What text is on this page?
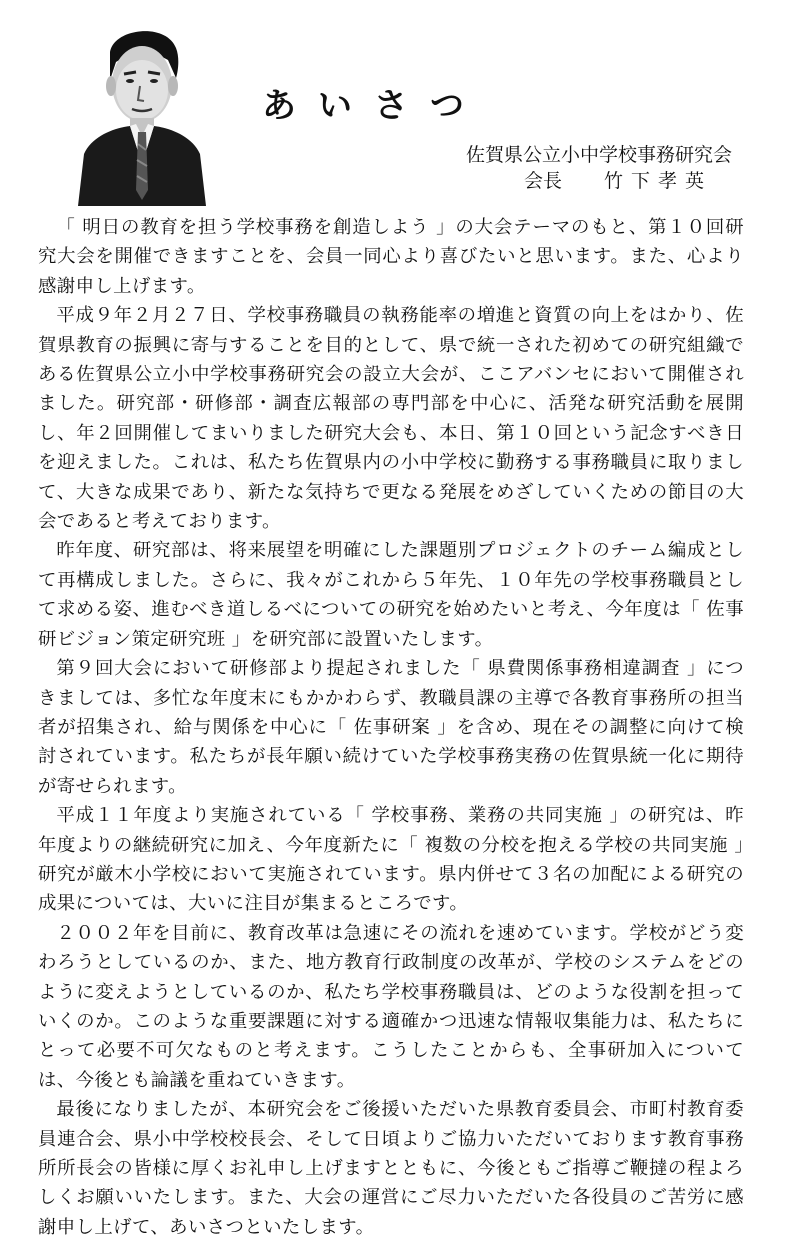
あいさつ
佐賀県公立小中学校事務研究会
会長 竹下孝英

「 明日の教育を担う学校事務を創造しよう 」の大会テーマのもと、第１０回研究大会を開催できますことを、会員一同心より喜びたいと思います。また、心より感謝申し上げます。

平成９年２月２７日、学校事務職員の執務能率の増進と資質の向上をはかり、佐賀県教育の振興に寄与することを目的として、県で統一された初めての研究組織である佐賀県公立小中学校事務研究会の設立大会が、ここアバンセにおいて開催されました。研究部・研修部・調査広報部の専門部を中心に、活発な研究活動を展開し、年２回開催してまいりました研究大会も、本日、第１０回という記念すべき日を迎えました。これは、私たち佐賀県内の小中学校に勤務する事務職員に取りまして、大きな成果であり、新たな気持ちで更なる発展をめざしていくための節目の大会であると考えております。

昨年度、研究部は、将来展望を明確にした課題別プロジェクトのチーム編成として再構成しました。さらに、我々がこれから５年先、１０年先の学校事務職員として求める姿、進むべき道しるべについての研究を始めたいと考え、今年度は「 佐事研ビジョン策定研究班 」を研究部に設置いたします。

第９回大会において研修部より提起されました「 県費関係事務相違調査 」につきましては、多忙な年度末にもかかわらず、教職員課の主導で各教育事務所の担当者が招集され、給与関係を中心に「 佐事研案 」を含め、現在その調整に向けて検討されています。私たちが長年願い続けていた学校事務実務の佐賀県統一化に期待が寄せられます。

平成１１年度より実施されている「 学校事務、業務の共同実施 」の研究は、昨年度よりの継続研究に加え、今年度新たに「 複数の分校を抱える学校の共同実施 」研究が厳木小学校において実施されています。県内併せて３名の加配による研究の成果については、大いに注目が集まるところです。

２００２年を目前に、教育改革は急速にその流れを速めています。学校がどう変わろうとしているのか、また、地方教育行政制度の改革が、学校のシステムをどのように変えようとしているのか、私たち学校事務職員は、どのような役割を担っていくのか。このような重要課題に対する適確かつ迅速な情報収集能力は、私たちにとって必要不可欠なものと考えます。こうしたことからも、全事研加入については、今後とも論議を重ねていきます。

最後になりましたが、本研究会をご後援いただいた県教育委員会、市町村教育委員連合会、県小中学校校長会、そして日頃よりご協力いただいております教育事務所所長会の皆様に厚くお礼申し上げますとともに、今後ともご指導ご鞭撻の程よろしくお願いいたします。また、大会の運営にご尽力いただいた各役員のご苦労に感謝申し上げて、あいさつといたします。
